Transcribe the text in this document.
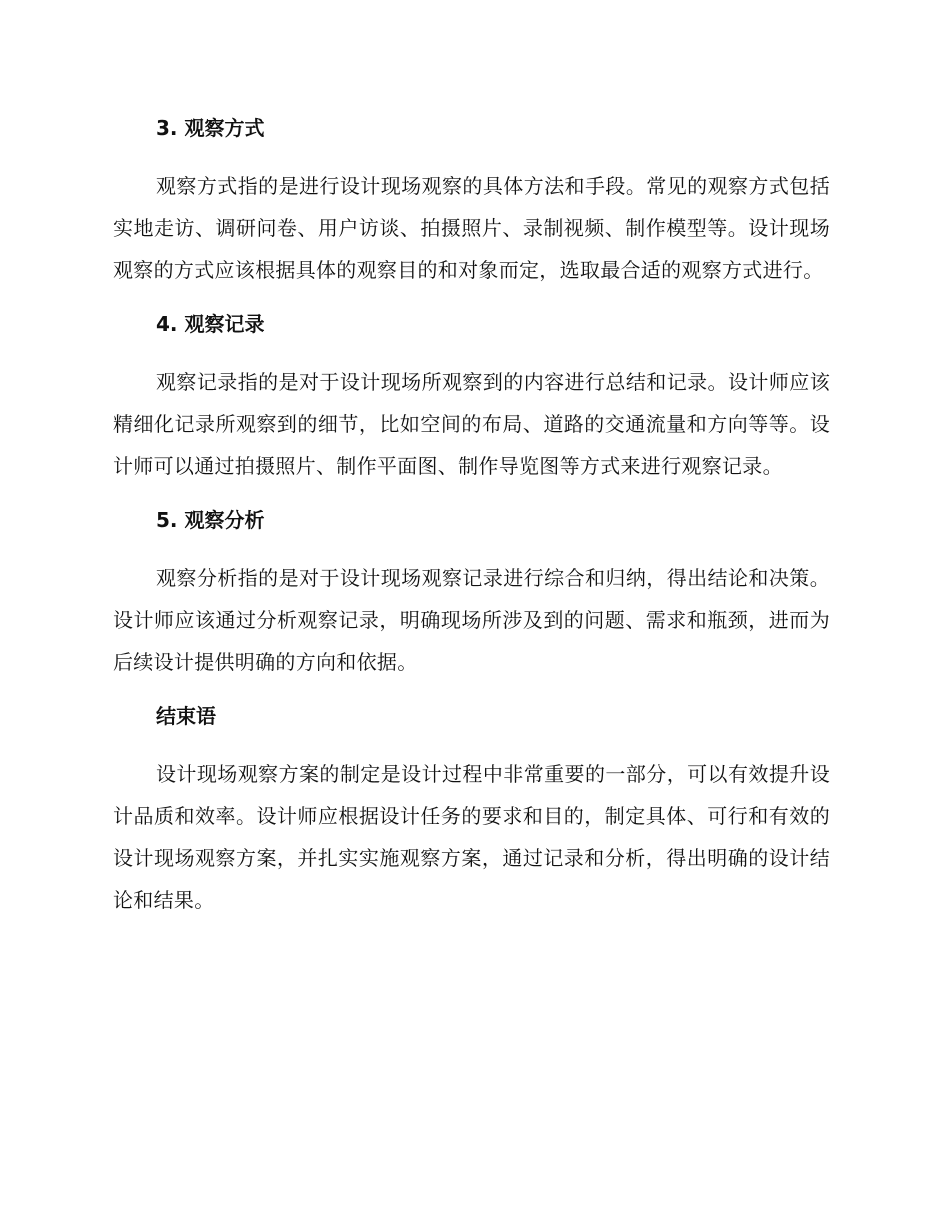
3. 观察方式

观察方式指的是进行设计现场观察的具体方法和手段。常见的观察方式包括实地走访、调研问卷、用户访谈、拍摄照片、录制视频、制作模型等。设计现场观察的方式应该根据具体的观察目的和对象而定，选取最合适的观察方式进行。

4. 观察记录

观察记录指的是对于设计现场所观察到的内容进行总结和记录。设计师应该精细化记录所观察到的细节，比如空间的布局、道路的交通流量和方向等等。设计师可以通过拍摄照片、制作平面图、制作导览图等方式来进行观察记录。

5. 观察分析

观察分析指的是对于设计现场观察记录进行综合和归纳，得出结论和决策。设计师应该通过分析观察记录，明确现场所涉及到的问题、需求和瓶颈，进而为后续设计提供明确的方向和依据。

结束语

设计现场观察方案的制定是设计过程中非常重要的一部分，可以有效提升设计品质和效率。设计师应根据设计任务的要求和目的，制定具体、可行和有效的设计现场观察方案，并扎实实施观察方案，通过记录和分析，得出明确的设计结论和结果。
